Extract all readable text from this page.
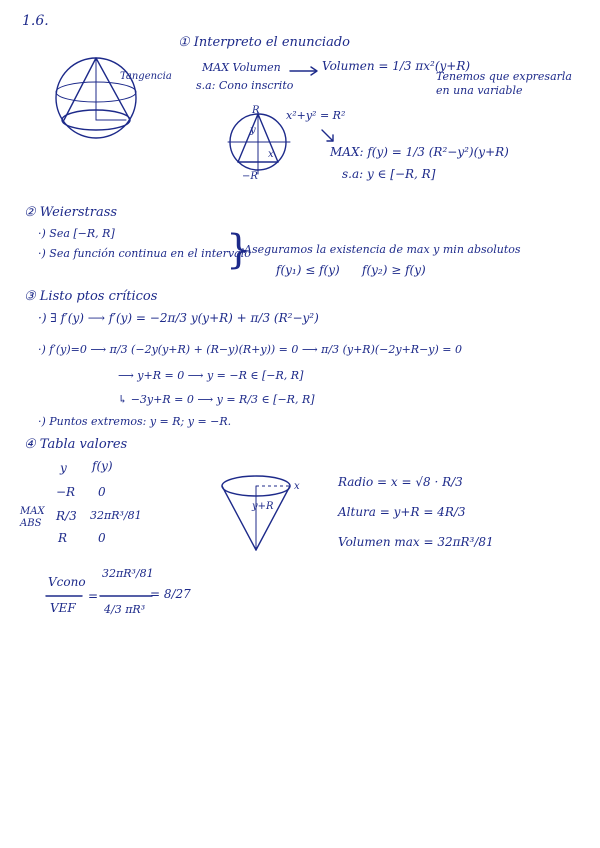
1.6.
Tangencia
① Interpreto el enunciado
MAX Volumen
s.a: Cono inscrito
Volumen = 1/3 πx²(y+R)
Tenemos que expresarla en una variable
R
−R
y
x
x²+y² = R²
MAX: f(y) = 1/3 (R²−y²)(y+R)
s.a: y ∈ [−R, R]
② Weierstrass
·) Sea [−R, R]
·) Sea función continua en el intervalo
}
Aseguramos la existencia de max y min absolutos
f(y₁) ≤ f(y) f(y₂) ≥ f(y)
③ Listo ptos críticos
·) ∃ f′(y) ⟶ f′(y) = −2π/3 y(y+R) + π/3 (R²−y²)
·) f′(y)=0 ⟶ π/3 (−2y(y+R) + (R−y)(R+y)) = 0 ⟶ π/3 (y+R)(−2y+R−y) = 0
⟶ y+R = 0 ⟶ y = −R ∈ [−R, R]
↳ −3y+R = 0 ⟶ y = R/3 ∈ [−R, R]
·) Puntos extremos: y = R; y = −R.
④ Tabla valores
y f(y)
MAX ABS
−R 0
R/3 32πR³/81
R	0
y+R
x	Radio = x = √8 · R/3
Altura = y+R = 4R/3
Volumen max = 32πR³/81
Vcono
VEF
=
32πR³/81
4/3 πR³
= 8/27
